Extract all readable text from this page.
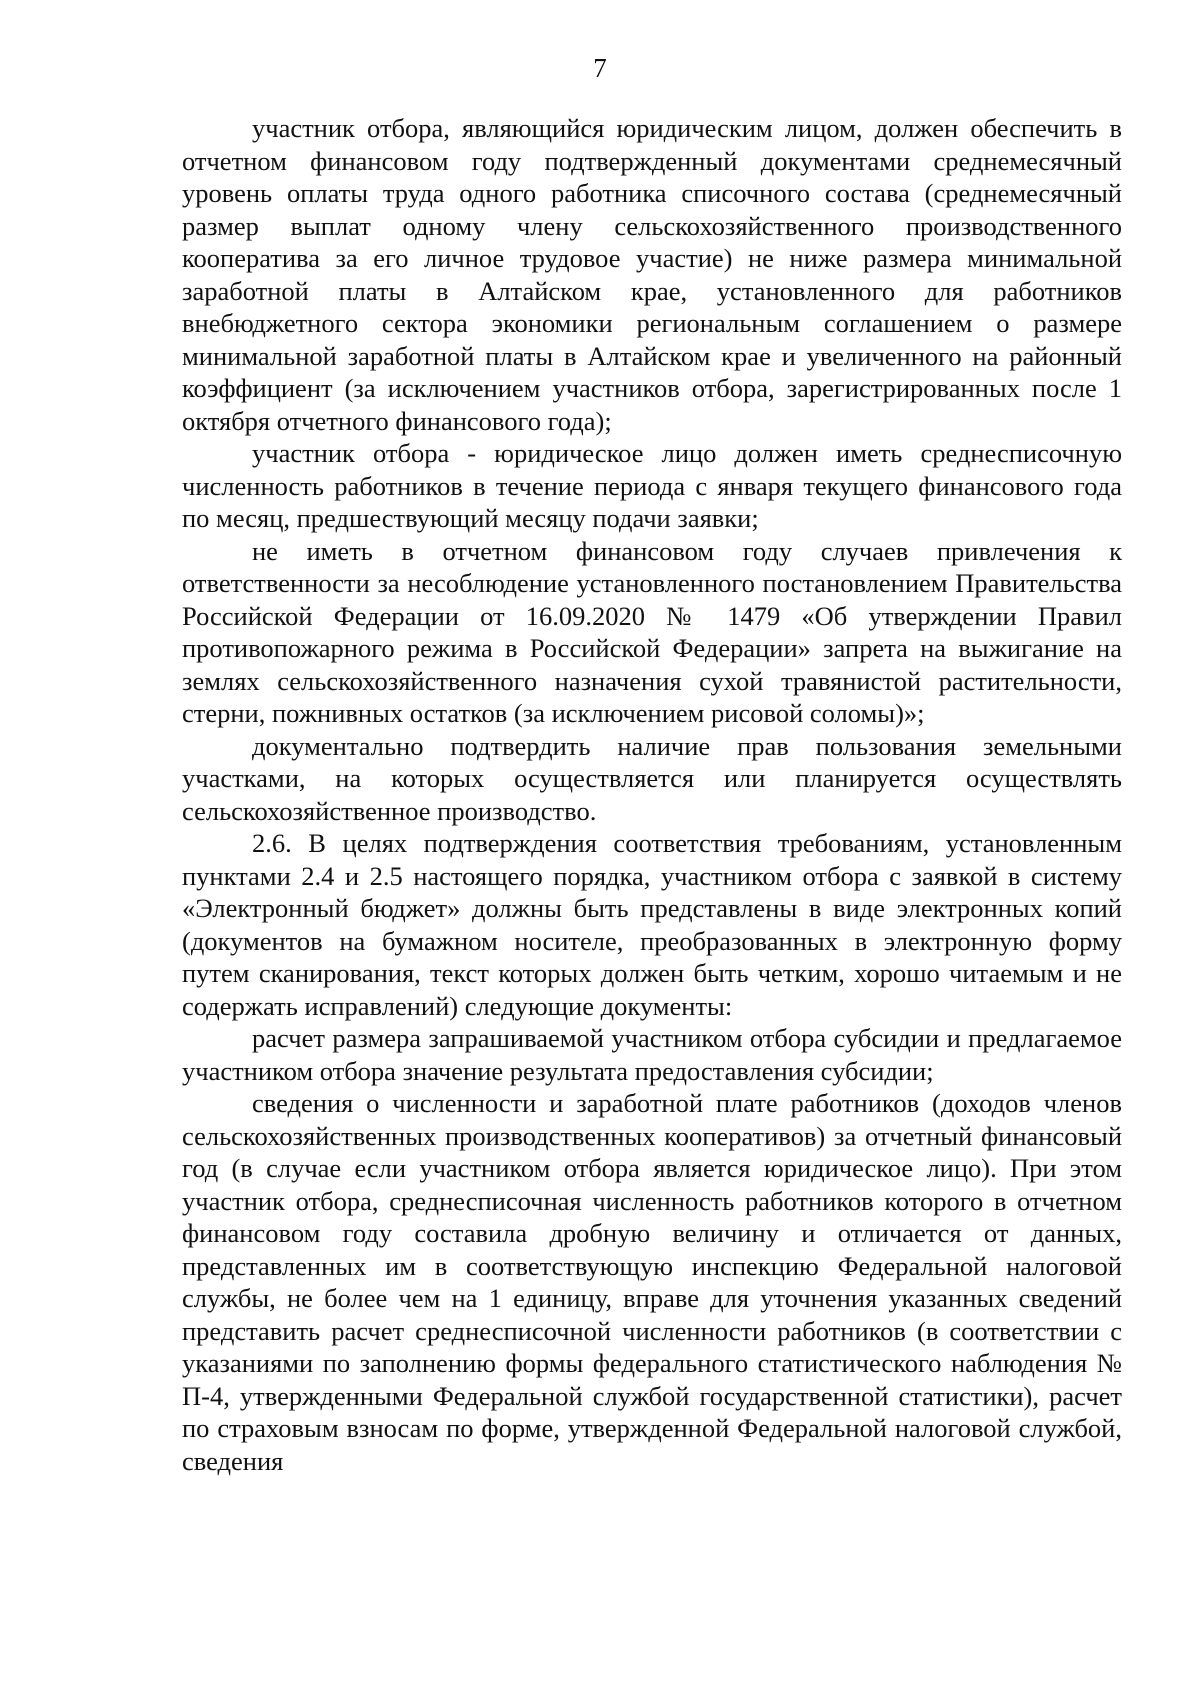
7

участник отбора, являющийся юридическим лицом, должен обеспечить в отчетном финансовом году подтвержденный документами среднемесячный уровень оплаты труда одного работника списочного состава (среднемесячный размер выплат одному члену сельскохозяйственного производственного кооператива за его личное трудовое участие) не ниже размера минимальной заработной платы в Алтайском крае, установленного для работников внебюджетного сектора экономики региональным соглашением о размере минимальной заработной платы в Алтайском крае и увеличенного на районный коэффициент (за исключением участников отбора, зарегистрированных после 1 октября отчетного финансового года);

участник отбора - юридическое лицо должен иметь среднесписочную численность работников в течение периода с января текущего финансового года по месяц, предшествующий месяцу подачи заявки;

не иметь в отчетном финансовом году случаев привлечения к ответственности за несоблюдение установленного постановлением Правительства Российской Федерации от 16.09.2020 № 1479 «Об утверждении Правил противопожарного режима в Российской Федерации» запрета на выжигание на землях сельскохозяйственного назначения сухой травянистой растительности, стерни, пожнивных остатков (за исключением рисовой соломы)»;

документально подтвердить наличие прав пользования земельными участками, на которых осуществляется или планируется осуществлять сельскохозяйственное производство.

2.6. В целях подтверждения соответствия требованиям, установленным пунктами 2.4 и 2.5 настоящего порядка, участником отбора с заявкой в систему «Электронный бюджет» должны быть представлены в виде электронных копий (документов на бумажном носителе, преобразованных в электронную форму путем сканирования, текст которых должен быть четким, хорошо читаемым и не содержать исправлений) следующие документы:

расчет размера запрашиваемой участником отбора субсидии и предлагаемое участником отбора значение результата предоставления субсидии;

сведения о численности и заработной плате работников (доходов членов сельскохозяйственных производственных кооперативов) за отчетный финансовый год (в случае если участником отбора является юридическое лицо). При этом участник отбора, среднесписочная численность работников которого в отчетном финансовом году составила дробную величину и отличается от данных, представленных им в соответствующую инспекцию Федеральной налоговой службы, не более чем на 1 единицу, вправе для уточнения указанных сведений представить расчет среднесписочной численности работников (в соответствии с указаниями по заполнению формы федерального статистического наблюдения № П-4, утвержденными Федеральной службой государственной статистики), расчет по страховым взносам по форме, утвержденной Федеральной налоговой службой, сведения
